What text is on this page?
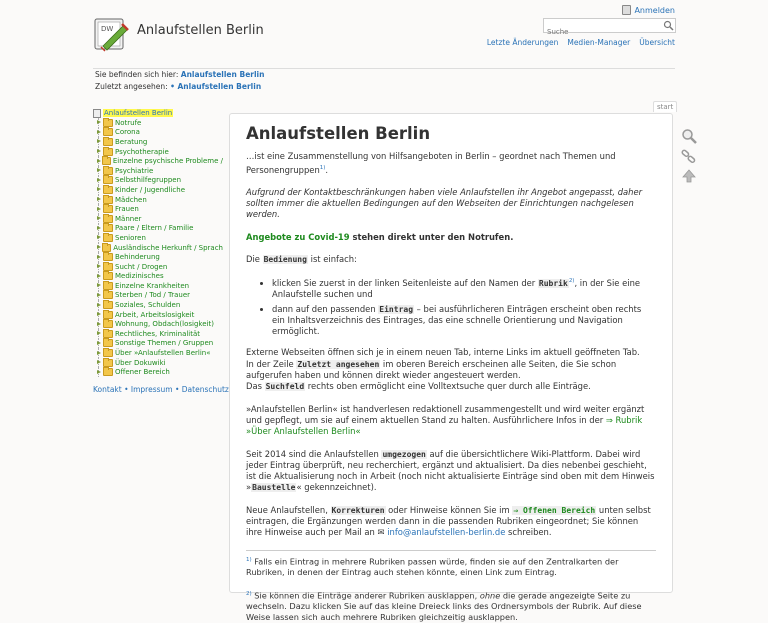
DW Anlaufstellen Berlin
Anmelden
Suche
Letzte Änderungen Medien-Manager Übersicht
Sie befinden sich hier: Anlaufstellen Berlin
Zuletzt angesehen: • Anlaufstellen Berlin
Anlaufstellen Berlin
Notrufe
Corona
Beratung
Psychotherapie
Einzelne psychische Probleme /
Psychiatrie
Selbsthilfegruppen
Kinder / Jugendliche
Mädchen
Frauen
Männer
Paare / Eltern / Familie
Senioren
Ausländische Herkunft / Sprach
Behinderung
Sucht / Drogen
Medizinisches
Einzelne Krankheiten
Sterben / Tod / Trauer
Soziales, Schulden
Arbeit, Arbeitslosigkeit
Wohnung, Obdach(losigkeit)
Rechtliches, Kriminalität
Sonstige Themen / Gruppen
Über »Anlaufstellen Berlin«
Über Dokuwiki
Offener Bereich
Kontakt • Impressum • Datenschutz

start
Anlaufstellen Berlin

…ist eine Zusammenstellung von Hilfsangeboten in Berlin – geordnet nach Themen und Personengruppen$^{1)}$.

Aufgrund der Kontaktbeschränkungen haben viele Anlaufstellen ihr Angebot angepasst, daher sollten immer die aktuellen Bedingungen auf den Webseiten der Einrichtungen nachgelesen werden.

Angebote zu Covid-19 stehen direkt unter den Notrufen.

Die Bedienung ist einfach:

• klicken Sie zuerst in der linken Seitenleiste auf den Namen der Rubrik$^{2)}$, in der Sie eine Anlaufstelle suchen und
• dann auf den passenden Eintrag – bei ausführlicheren Einträgen erscheint oben rechts ein Inhaltsverzeichnis des Eintrages, das eine schnelle Orientierung und Navigation ermöglicht.

Externe Webseiten öffnen sich je in einem neuen Tab, interne Links im aktuell geöffneten Tab.
In der Zeile Zuletzt angesehen im oberen Bereich erscheinen alle Seiten, die Sie schon aufgerufen haben und können direkt wieder angesteuert werden.
Das Suchfeld rechts oben ermöglicht eine Volltextsuche quer durch alle Einträge.

»Anlaufstellen Berlin« ist handverlesen redaktionell zusammengestellt und wird weiter ergänzt und gepflegt, um sie auf einem aktuellen Stand zu halten. Ausführlichere Infos in der ⇒ Rubrik »Über Anlaufstellen Berlin«

Seit 2014 sind die Anlaufstellen umgezogen auf die übersichtlichere Wiki-Plattform. Dabei wird jeder Eintrag überprüft, neu recherchiert, ergänzt und aktualisiert. Da dies nebenbei geschieht, ist die Aktualisierung noch in Arbeit (noch nicht aktualisierte Einträge sind oben mit dem Hinweis »Baustelle« gekennzeichnet).

Neue Anlaufstellen, Korrekturen oder Hinweise können Sie im ⇒ Offenen Bereich unten selbst eintragen, die Ergänzungen werden dann in die passenden Rubriken eingeordnet; Sie können ihre Hinweise auch per Mail an ✉ info@anlaufstellen-berlin.de schreiben.

$^{1)}$ Falls ein Eintrag in mehrere Rubriken passen würde, finden sie auf den Zentralkarten der Rubriken, in denen der Eintrag auch stehen könnte, einen Link zum Eintrag.

$^{2)}$ Sie können die Einträge anderer Rubriken ausklappen, ohne die gerade angezeigte Seite zu wechseln. Dazu klicken Sie auf das kleine Dreieck links des Ordnersymbols der Rubrik. Auf diese Weise lassen sich auch mehrere Rubriken gleichzeitig ausklappen.
